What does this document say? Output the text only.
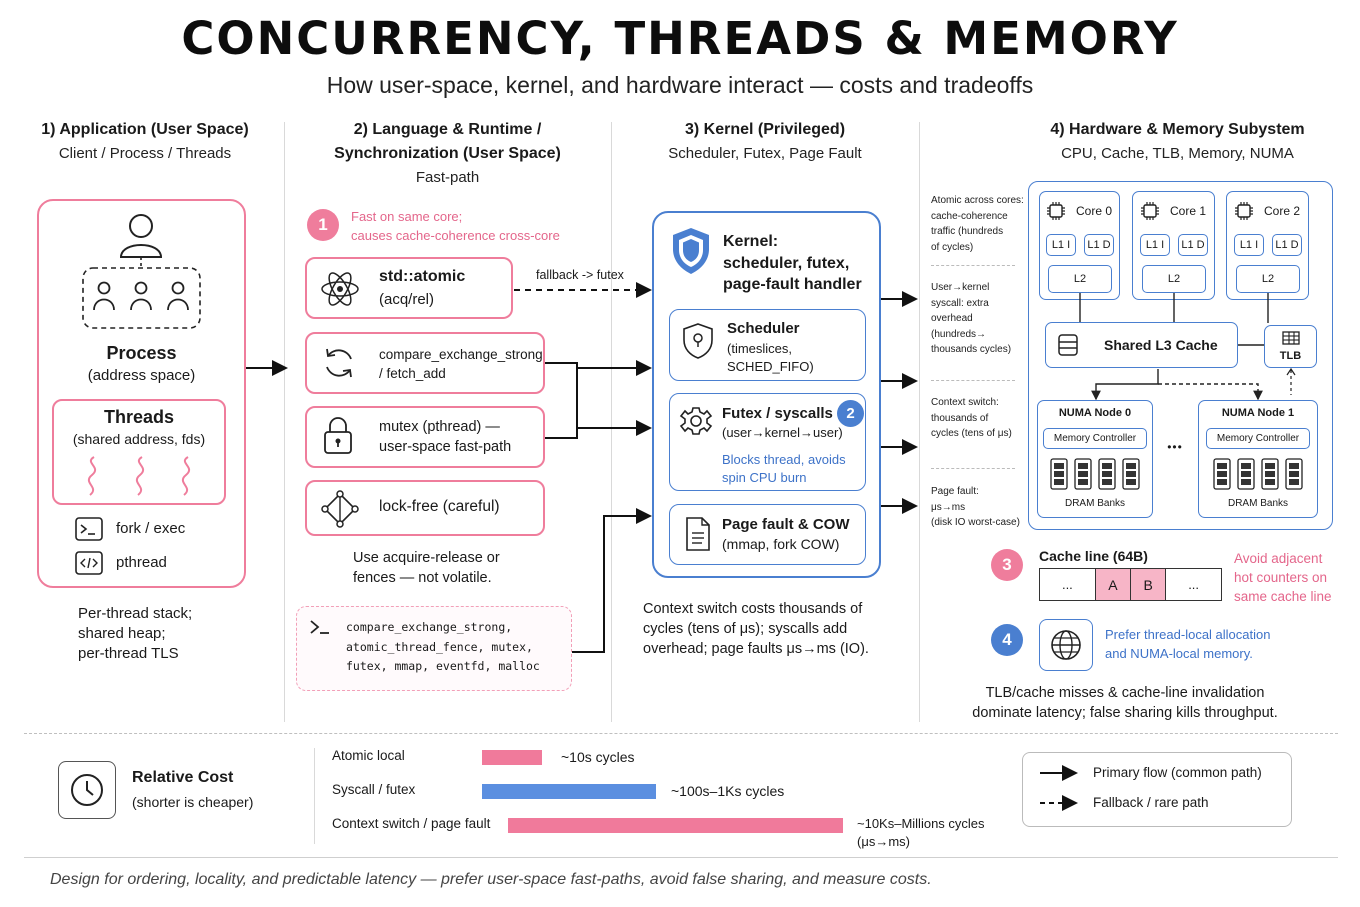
CONCURRENCY, THREADS & MEMORY
How user-space, kernel, and hardware interact — costs and tradeoffs
1) Application (User Space)
Client / Process / Threads
Process
(address space)
Threads
(shared address, fds)
fork / exec
pthread
Per-thread stack;
shared heap;
per-thread TLS
2) Language & Runtime /
Synchronization (User Space)
Fast-path
1	Fast on same core;
causes cache-coherence cross-core
std::atomic
(acq/rel)
fallback -> futex
compare_exchange_strong
/ fetch_add
mutex (pthread) —
user-space fast-path
lock-free (careful)
Use acquire-release or
fences — not volatile.
compare_exchange_strong,
atomic_thread_fence, mutex,
futex, mmap, eventfd, malloc
3) Kernel (Privileged)
Scheduler, Futex, Page Fault
Kernel:
scheduler, futex,
page-fault handler
Scheduler
(timeslices,
SCHED_FIFO)
Futex / syscalls
(user→kernel→user)
2
Blocks thread, avoids
spin CPU burn
Page fault & COW
(mmap, fork COW)
Context switch costs thousands of
cycles (tens of μs); syscalls add
overhead; page faults μs→ms (IO).
4) Hardware & Memory Subystem
CPU, Cache, TLB, Memory, NUMA
Atomic across cores:
cache-coherence
traffic (hundreds
of cycles)
User→kernel
syscall: extra
overhead
(hundreds→
thousands cycles)
Context switch:
thousands of
cycles (tens of μs)
Page fault:
μs→ms
(disk IO worst-case)
Core 0	Core 1	Core 2
L1 I	L1 D	L1 I	L1 D	L1 I	L1 D
L2	L2	L2
Shared L3 Cache
TLB
NUMA Node 0
Memory Controller
DRAM Banks
•••
NUMA Node 1
Memory Controller
DRAM Banks
3	Cache line (64B)
...	A	B	...
Avoid adjacent
hot counters on
same cache line
4	Prefer thread-local allocation
and NUMA-local memory.
TLB/cache misses & cache-line invalidation
dominate latency; false sharing kills throughput.
Relative Cost
(shorter is cheaper)
Atomic local
Syscall / futex
Context switch / page fault
~10s cycles
~100s–1Ks cycles
~10Ks–Millions cycles
(μs→ms)
Primary flow (common path)
Fallback / rare path
Design for ordering, locality, and predictable latency — prefer user-space fast-paths, avoid false sharing, and measure costs.
